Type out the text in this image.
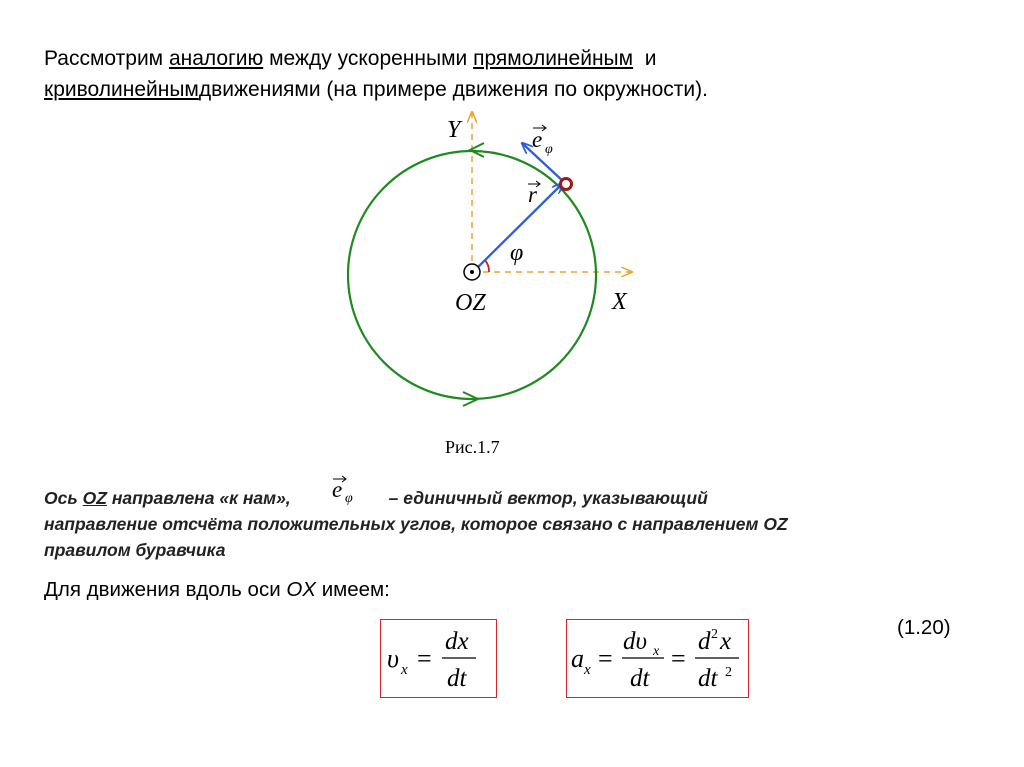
Рассмотрим аналогию между ускоренными прямолинейным и
криволинейнымдвижениями (на примере движения по окружности).
Y
X
OZ
φ
r
e φ
Рис.1.7
Ось OZ направлена «к нам», e φ – единичный вектор, указывающий
направление отсчёта положительных углов, которое связано с направлением OZ
правилом буравчика
Для движения вдоль оси OX имеем:
(1.20)
υ x =
dx
dt
a x =
dυ x
dt
=
d 2 x
dt 2
